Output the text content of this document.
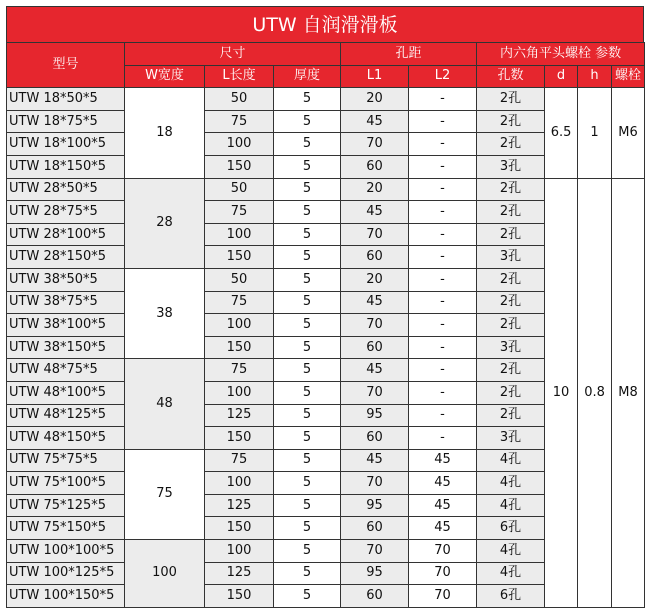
UTW 自润滑滑板
型号	尺寸			孔距		内六角平头螺栓 参数			
	W宽度	L长度	厚度	L1	L2	孔数	d	h	螺栓
UTW 18*50*5	18	50	5	20	-	2孔	6.5	1	M6
UTW 18*75*5		75	5	45	-	2孔			
UTW 18*100*5		100	5	70	-	2孔			
UTW 18*150*5		150	5	60	-	3孔			
UTW 28*50*5	28	50	5	20	-	2孔	10	0.8	M8
UTW 28*75*5		75	5	45	-	2孔			
UTW 28*100*5		100	5	70	-	2孔			
UTW 28*150*5		150	5	60	-	3孔			
UTW 38*50*5	38	50	5	20	-	2孔			
UTW 38*75*5		75	5	45	-	2孔			
UTW 38*100*5		100	5	70	-	2孔			
UTW 38*150*5		150	5	60	-	3孔			
UTW 48*75*5	48	75	5	45	-	2孔			
UTW 48*100*5		100	5	70	-	2孔			
UTW 48*125*5		125	5	95	-	2孔			
UTW 48*150*5		150	5	60	-	3孔			
UTW 75*75*5	75	75	5	45	45	4孔			
UTW 75*100*5		100	5	70	45	4孔			
UTW 75*125*5		125	5	95	45	4孔			
UTW 75*150*5		150	5	60	45	6孔			
UTW 100*100*5	100	100	5	70	70	4孔			
UTW 100*125*5		125	5	95	70	4孔			
UTW 100*150*5		150	5	60	70	6孔			
